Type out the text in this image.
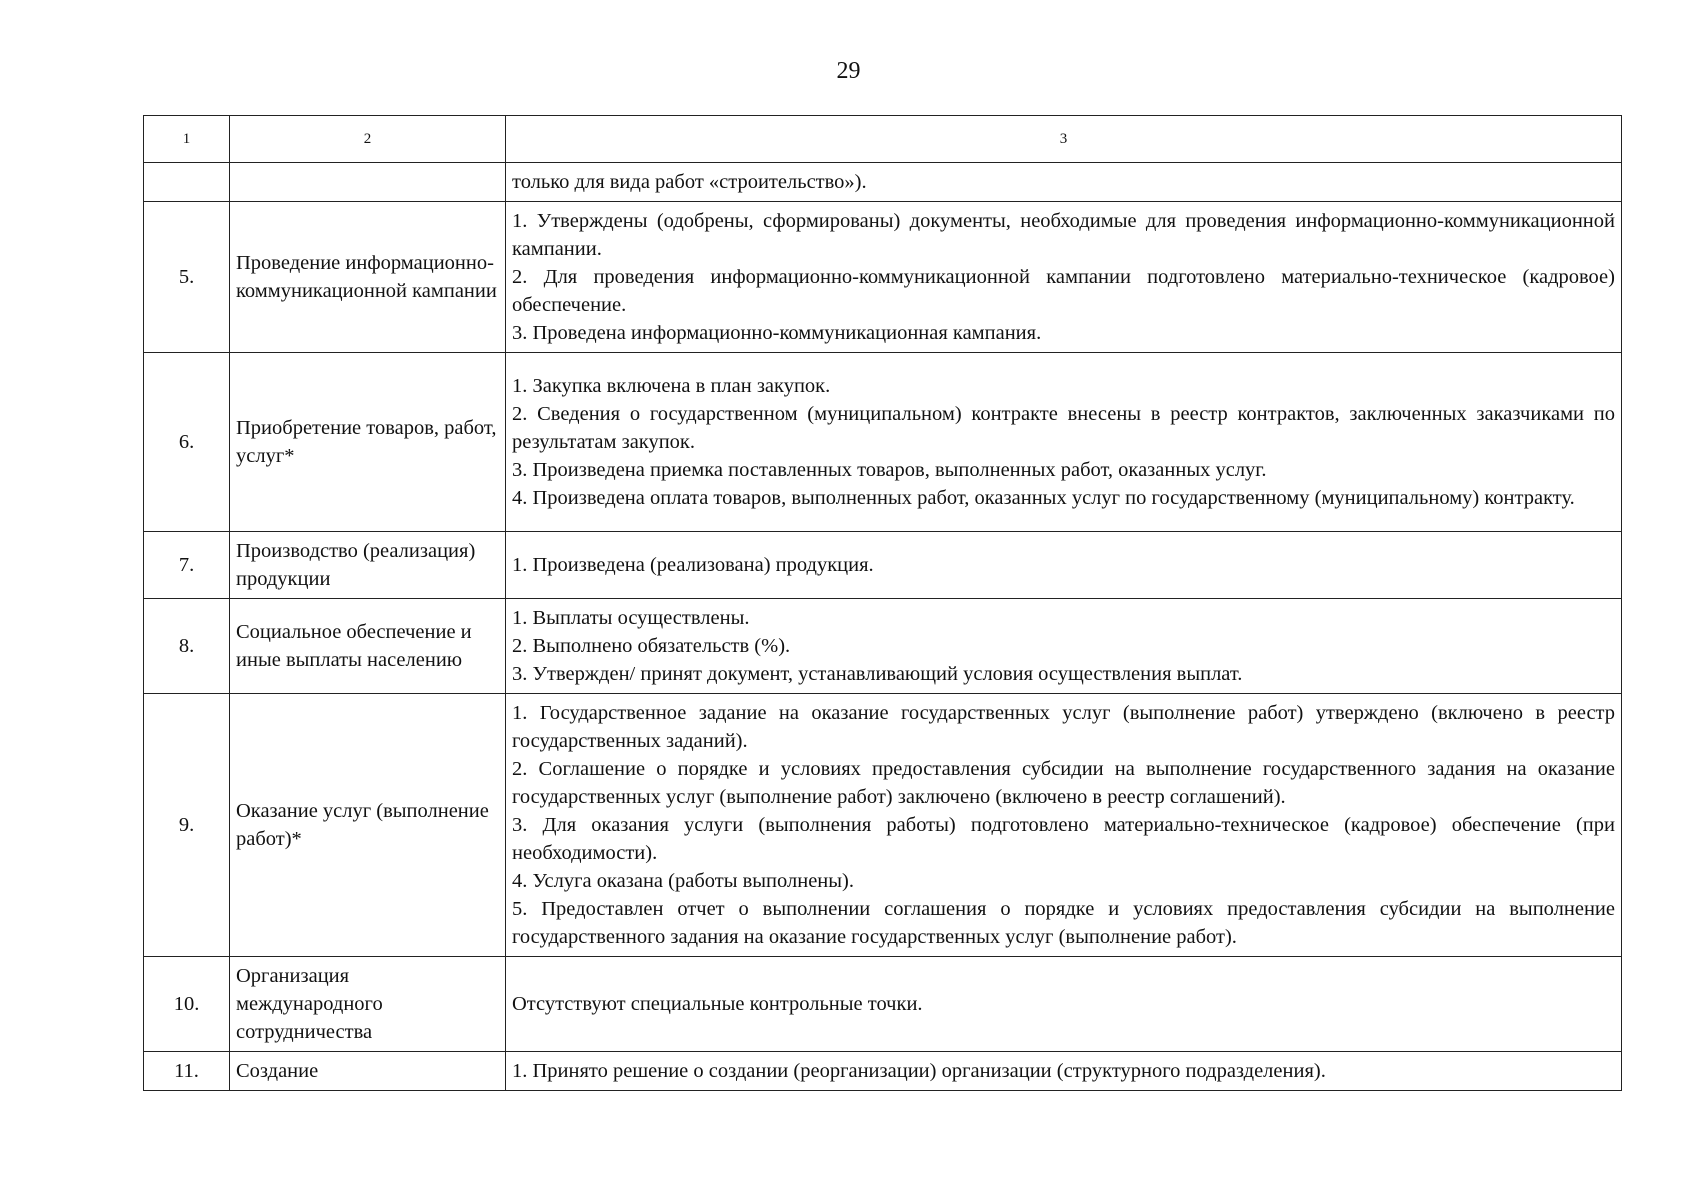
29
1	2	3

		только для вида работ «строительство»).

5.	Проведение информационно-коммуникационной кампании	1. Утверждены (одобрены, сформированы) документы, необходимые для проведения информационно-коммуникационной кампании.

2. Для проведения информационно-коммуникационной кампании подготовлено материально-техническое (кадровое) обеспечение.

3. Проведена информационно-коммуникационная кампания.

6.	Приобретение товаров, работ, услуг*	1. Закупка включена в план закупок.

2. Сведения о государственном (муниципальном) контракте внесены в реестр контрактов, заключенных заказчиками по результатам закупок.

3. Произведена приемка поставленных товаров, выполненных работ, оказанных услуг.

4. Произведена оплата товаров, выполненных работ, оказанных услуг по государственному (муниципальному) контракту.

7.	Производство (реализация) продукции	1. Произведена (реализована) продукция.

8.	Социальное обеспечение и иные выплаты населению	1. Выплаты осуществлены.

2. Выполнено обязательств (%).

3. Утвержден/ принят документ, устанавливающий условия осуществления выплат.

9.	Оказание услуг (выполнение работ)*	1. Государственное задание на оказание государственных услуг (выполнение работ) утверждено (включено в реестр государственных заданий).

2. Соглашение о порядке и условиях предоставления субсидии на выполнение государственного задания на оказание государственных услуг (выполнение работ) заключено (включено в реестр соглашений).

3. Для оказания услуги (выполнения работы) подготовлено материально-техническое (кадровое) обеспечение (при необходимости).

4. Услуга оказана (работы выполнены).

5. Предоставлен отчет о выполнении соглашения о порядке и условиях предоставления субсидии на выполнение государственного задания на оказание государственных услуг (выполнение работ).

10.	Организация международного сотрудничества	Отсутствуют специальные контрольные точки.

11.	Создание	1. Принято решение о создании (реорганизации) организации (структурного подразделения).
